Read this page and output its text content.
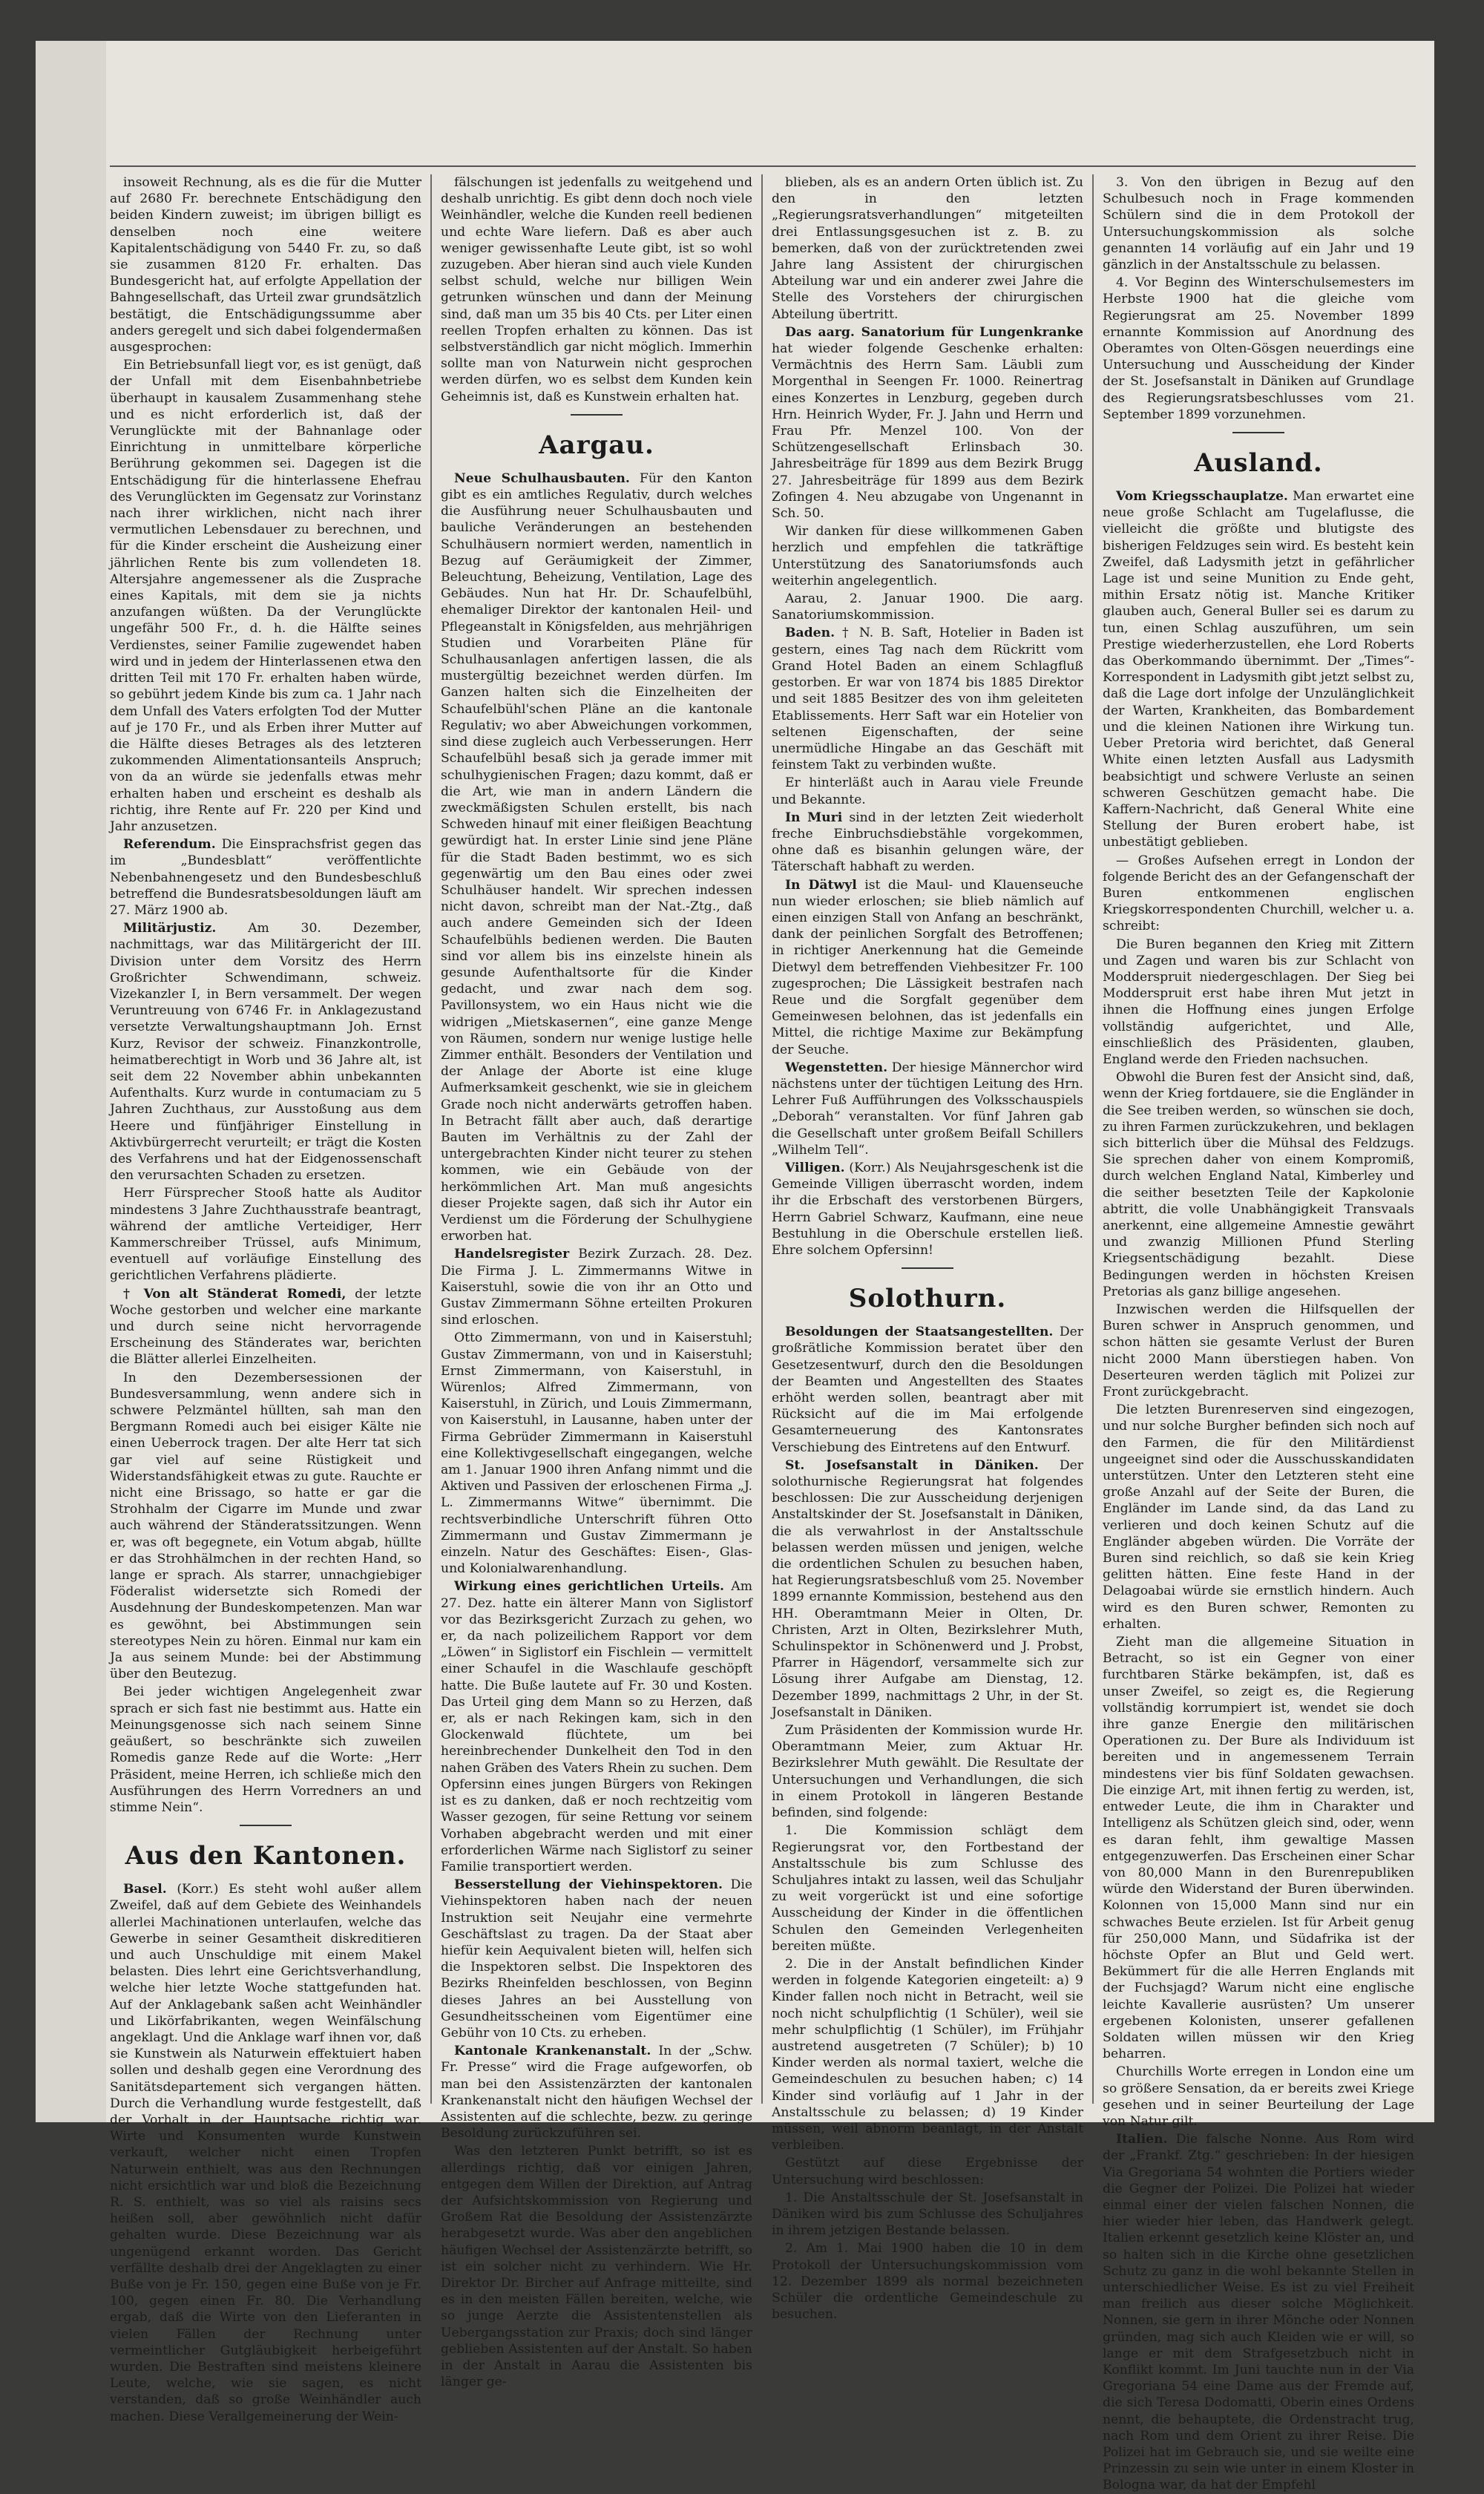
insoweit Rechnung, als es die für die Mutter auf 2680 Fr. berechnete Entschädigung den beiden Kindern zuweist; im übrigen billigt es denselben noch eine weitere Kapitalentschädigung von 5440 Fr. zu, so daß sie zusammen 8120 Fr. erhalten. Das Bundesgericht hat, auf erfolgte Appellation der Bahngesellschaft, das Urteil zwar grundsätzlich bestätigt, die Entschädigungssumme aber anders geregelt und sich dabei folgendermaßen ausgesprochen:

Ein Betriebsunfall liegt vor, es ist genügt, daß der Unfall mit dem Eisenbahnbetriebe überhaupt in kausalem Zusammenhang stehe und es nicht erforderlich ist, daß der Verunglückte mit der Bahnanlage oder Einrichtung in unmittelbare körperliche Berührung gekommen sei. Dagegen ist die Entschädigung für die hinterlassene Ehefrau des Verunglückten im Gegensatz zur Vorinstanz nach ihrer wirklichen, nicht nach ihrer vermutlichen Lebensdauer zu berechnen, und für die Kinder erscheint die Ausheizung einer jährlichen Rente bis zum vollendeten 18. Altersjahre angemessener als die Zusprache eines Kapitals, mit dem sie ja nichts anzufangen wüßten. Da der Verunglückte ungefähr 500 Fr., d. h. die Hälfte seines Verdienstes, seiner Familie zugewendet haben wird und in jedem der Hinterlassenen etwa den dritten Teil mit 170 Fr. erhalten haben würde, so gebührt jedem Kinde bis zum ca. 1 Jahr nach dem Unfall des Vaters erfolgten Tod der Mutter auf je 170 Fr., und als Erben ihrer Mutter auf die Hälfte dieses Betrages als des letzteren zukommenden Alimentationsanteils Anspruch; von da an würde sie jedenfalls etwas mehr erhalten haben und erscheint es deshalb als richtig, ihre Rente auf Fr. 220 per Kind und Jahr anzusetzen.

Referendum. Die Einsprachsfrist gegen das im „Bundesblatt“ veröffentlichte Nebenbahnengesetz und den Bundesbeschluß betreffend die Bundesratsbesoldungen läuft am 27. März 1900 ab.

Militärjustiz. Am 30. Dezember, nachmittags, war das Militärgericht der III. Division unter dem Vorsitz des Herrn Großrichter Schwendimann, schweiz. Vizekanzler I, in Bern versammelt. Der wegen Veruntreuung von 6746 Fr. in Anklagezustand versetzte Verwaltungshauptmann Joh. Ernst Kurz, Revisor der schweiz. Finanzkontrolle, heimatberechtigt in Worb und 36 Jahre alt, ist seit dem 22 November abhin unbekannten Aufenthalts. Kurz wurde in contumaciam zu 5 Jahren Zuchthaus, zur Ausstoßung aus dem Heere und fünfjähriger Einstellung in Aktivbürgerrecht verurteilt; er trägt die Kosten des Verfahrens und hat der Eidgenossenschaft den verursachten Schaden zu ersetzen.

Herr Fürsprecher Stooß hatte als Auditor mindestens 3 Jahre Zuchthausstrafe beantragt, während der amtliche Verteidiger, Herr Kammerschreiber Trüssel, aufs Minimum, eventuell auf vorläufige Einstellung des gerichtlichen Verfahrens plädierte.

† Von alt Ständerat Romedi, der letzte Woche gestorben und welcher eine markante und durch seine nicht hervorragende Erscheinung des Ständerates war, berichten die Blätter allerlei Einzelheiten.

In den Dezembersessionen der Bundesversammlung, wenn andere sich in schwere Pelzmäntel hüllten, sah man den Bergmann Romedi auch bei eisiger Kälte nie einen Ueberrock tragen. Der alte Herr tat sich gar viel auf seine Rüstigkeit und Widerstandsfähigkeit etwas zu gute. Rauchte er nicht eine Brissago, so hatte er gar die Strohhalm der Cigarre im Munde und zwar auch während der Ständeratssitzungen. Wenn er, was oft begegnete, ein Votum abgab, hüllte er das Strohhälmchen in der rechten Hand, so lange er sprach. Als starrer, unnachgiebiger Föderalist widersetzte sich Romedi der Ausdehnung der Bundeskompetenzen. Man war es gewöhnt, bei Abstimmungen sein stereotypes Nein zu hören. Einmal nur kam ein Ja aus seinem Munde: bei der Abstimmung über den Beutezug.

Bei jeder wichtigen Angelegenheit zwar sprach er sich fast nie bestimmt aus. Hatte ein Meinungsgenosse sich nach seinem Sinne geäußert, so beschränkte sich zuweilen Romedis ganze Rede auf die Worte: „Herr Präsident, meine Herren, ich schließe mich den Ausführungen des Herrn Vorredners an und stimme Nein“.

Aus den Kantonen.

Basel. (Korr.) Es steht wohl außer allem Zweifel, daß auf dem Gebiete des Weinhandels allerlei Machinationen unterlaufen, welche das Gewerbe in seiner Gesamtheit diskreditieren und auch Unschuldige mit einem Makel belasten. Dies lehrt eine Gerichtsverhandlung, welche hier letzte Woche stattgefunden hat. Auf der Anklagebank saßen acht Weinhändler und Likörfabrikanten, wegen Weinfälschung angeklagt. Und die Anklage warf ihnen vor, daß sie Kunstwein als Naturwein effektuiert haben sollen und deshalb gegen eine Verordnung des Sanitätsdepartement sich vergangen hätten. Durch die Verhandlung wurde festgestellt, daß der Vorhalt in der Hauptsache richtig war. Wirte und Konsumenten wurde Kunstwein verkauft, welcher nicht einen Tropfen Naturwein enthielt, was aus den Rechnungen nicht ersichtlich war und bloß die Bezeichnung R. S. enthielt, was so viel als raisins secs heißen soll, aber gewöhnlich nicht dafür gehalten wurde. Diese Bezeichnung war als ungenügend erkannt worden. Das Gericht verfällte deshalb drei der Angeklagten zu einer Buße von je Fr. 150, gegen eine Buße von je Fr. 100, gegen einen Fr. 80. Die Verhandlung ergab, daß die Wirte von den Lieferanten in vielen Fällen der Rechnung unter vermeintlicher Gutgläubigkeit herbeigeführt wurden. Die Bestraften sind meistens kleinere Leute, welche, wie sie sagen, es nicht verstanden, daß so große Weinhändler auch machen. Diese Verallgemeinerung der Wein-

fälschungen ist jedenfalls zu weitgehend und deshalb unrichtig. Es gibt denn doch noch viele Weinhändler, welche die Kunden reell bedienen und echte Ware liefern. Daß es aber auch weniger gewissenhafte Leute gibt, ist so wohl zuzugeben. Aber hieran sind auch viele Kunden selbst schuld, welche nur billigen Wein getrunken wünschen und dann der Meinung sind, daß man um 35 bis 40 Cts. per Liter einen reellen Tropfen erhalten zu können. Das ist selbstverständlich gar nicht möglich. Immerhin sollte man von Naturwein nicht gesprochen werden dürfen, wo es selbst dem Kunden kein Geheimnis ist, daß es Kunstwein erhalten hat.

Aargau.

Neue Schulhausbauten. Für den Kanton gibt es ein amtliches Regulativ, durch welches die Ausführung neuer Schulhausbauten und bauliche Veränderungen an bestehenden Schulhäusern normiert werden, namentlich in Bezug auf Geräumigkeit der Zimmer, Beleuchtung, Beheizung, Ventilation, Lage des Gebäudes. Nun hat Hr. Dr. Schaufelbühl, ehemaliger Direktor der kantonalen Heil- und Pflegeanstalt in Königsfelden, aus mehrjährigen Studien und Vorarbeiten Pläne für Schulhausanlagen anfertigen lassen, die als mustergültig bezeichnet werden dürfen. Im Ganzen halten sich die Einzelheiten der Schaufelbühl'schen Pläne an die kantonale Regulativ; wo aber Abweichungen vorkommen, sind diese zugleich auch Verbesserungen. Herr Schaufelbühl besaß sich ja gerade immer mit schulhygienischen Fragen; dazu kommt, daß er die Art, wie man in andern Ländern die zweckmäßigsten Schulen erstellt, bis nach Schweden hinauf mit einer fleißigen Beachtung gewürdigt hat. In erster Linie sind jene Pläne für die Stadt Baden bestimmt, wo es sich gegenwärtig um den Bau eines oder zwei Schulhäuser handelt. Wir sprechen indessen nicht davon, schreibt man der Nat.-Ztg., daß auch andere Gemeinden sich der Ideen Schaufelbühls bedienen werden. Die Bauten sind vor allem bis ins einzelste hinein als gesunde Aufenthaltsorte für die Kinder gedacht, und zwar nach dem sog. Pavillonsystem, wo ein Haus nicht wie die widrigen „Mietskasernen“, eine ganze Menge von Räumen, sondern nur wenige lustige helle Zimmer enthält. Besonders der Ventilation und der Anlage der Aborte ist eine kluge Aufmerksamkeit geschenkt, wie sie in gleichem Grade noch nicht anderwärts getroffen haben. In Betracht fällt aber auch, daß derartige Bauten im Verhältnis zu der Zahl der untergebrachten Kinder nicht teurer zu stehen kommen, wie ein Gebäude von der herkömmlichen Art. Man muß angesichts dieser Projekte sagen, daß sich ihr Autor ein Verdienst um die Förderung der Schulhygiene erworben hat.

Handelsregister Bezirk Zurzach. 28. Dez. Die Firma J. L. Zimmermanns Witwe in Kaiserstuhl, sowie die von ihr an Otto und Gustav Zimmermann Söhne erteilten Prokuren sind erloschen.

Otto Zimmermann, von und in Kaiserstuhl; Gustav Zimmermann, von und in Kaiserstuhl; Ernst Zimmermann, von Kaiserstuhl, in Würenlos; Alfred Zimmermann, von Kaiserstuhl, in Zürich, und Louis Zimmermann, von Kaiserstuhl, in Lausanne, haben unter der Firma Gebrüder Zimmermann in Kaiserstuhl eine Kollektivgesellschaft eingegangen, welche am 1. Januar 1900 ihren Anfang nimmt und die Aktiven und Passiven der erloschenen Firma „J. L. Zimmermanns Witwe“ übernimmt. Die rechtsverbindliche Unterschrift führen Otto Zimmermann und Gustav Zimmermann je einzeln. Natur des Geschäftes: Eisen-, Glas- und Kolonialwarenhandlung.

Wirkung eines gerichtlichen Urteils. Am 27. Dez. hatte ein älterer Mann von Siglistorf vor das Bezirksgericht Zurzach zu gehen, wo er, da nach polizeilichem Rapport vor dem „Löwen“ in Siglistorf ein Fischlein — vermittelt einer Schaufel in die Waschlaufe geschöpft hatte. Die Buße lautete auf Fr. 30 und Kosten. Das Urteil ging dem Mann so zu Herzen, daß er, als er nach Rekingen kam, sich in den Glockenwald flüchtete, um bei hereinbrechender Dunkelheit den Tod in den nahen Gräben des Vaters Rhein zu suchen. Dem Opfersinn eines jungen Bürgers von Rekingen ist es zu danken, daß er noch rechtzeitig vom Wasser gezogen, für seine Rettung vor seinem Vorhaben abgebracht werden und mit einer erforderlichen Wärme nach Siglistorf zu seiner Familie transportiert werden.

Besserstellung der Viehinspektoren. Die Viehinspektoren haben nach der neuen Instruktion seit Neujahr eine vermehrte Geschäftslast zu tragen. Da der Staat aber hiefür kein Aequivalent bieten will, helfen sich die Inspektoren selbst. Die Inspektoren des Bezirks Rheinfelden beschlossen, von Beginn dieses Jahres an bei Ausstellung von Gesundheitsscheinen vom Eigentümer eine Gebühr von 10 Cts. zu erheben.

Kantonale Krankenanstalt. In der „Schw. Fr. Presse“ wird die Frage aufgeworfen, ob man bei den Assistenzärzten der kantonalen Krankenanstalt nicht den häufigen Wechsel der Assistenten auf die schlechte, bezw. zu geringe Besoldung zurückzuführen sei.

Was den letzteren Punkt betrifft, so ist es allerdings richtig, daß vor einigen Jahren, entgegen dem Willen der Direktion, auf Antrag der Aufsichtskommission von Regierung und Großem Rat die Besoldung der Assistenzärzte herabgesetzt wurde. Was aber den angeblichen häufigen Wechsel der Assistenzärzte betrifft, so ist ein solcher nicht zu verhindern. Wie Hr. Direktor Dr. Bircher auf Anfrage mitteilte, sind es in den meisten Fällen bereiten, welche, wie so junge Aerzte die Assistentenstellen als Uebergangsstation zur Praxis; doch sind länger geblieben Assistenten auf der Anstalt. So haben in der Anstalt in Aarau die Assistenten bis länger ge-

blieben, als es an andern Orten üblich ist. Zu den in den letzten „Regierungsratsverhandlungen“ mitgeteilten drei Entlassungsgesuchen ist z. B. zu bemerken, daß von der zurücktretenden zwei Jahre lang Assistent der chirurgischen Abteilung war und ein anderer zwei Jahre die Stelle des Vorstehers der chirurgischen Abteilung übertritt.

Das aarg. Sanatorium für Lungenkranke hat wieder folgende Geschenke erhalten: Vermächtnis des Herrn Sam. Läubli zum Morgenthal in Seengen Fr. 1000. Reinertrag eines Konzertes in Lenzburg, gegeben durch Hrn. Heinrich Wyder, Fr. J. Jahn und Herrn und Frau Pfr. Menzel 100. Von der Schützengesellschaft Erlinsbach 30. Jahresbeiträge für 1899 aus dem Bezirk Brugg 27. Jahresbeiträge für 1899 aus dem Bezirk Zofingen 4. Neu abzugabe von Ungenannt in Sch. 50.

Wir danken für diese willkommenen Gaben herzlich und empfehlen die tatkräftige Unterstützung des Sanatoriumsfonds auch weiterhin angelegentlich.

Aarau, 2. Januar 1900. Die aarg. Sanatoriumskommission.

Baden. † N. B. Saft, Hotelier in Baden ist gestern, eines Tag nach dem Rückritt vom Grand Hotel Baden an einem Schlagfluß gestorben. Er war von 1874 bis 1885 Direktor und seit 1885 Besitzer des von ihm geleiteten Etablissements. Herr Saft war ein Hotelier von seltenen Eigenschaften, der seine unermüdliche Hingabe an das Geschäft mit feinstem Takt zu verbinden wußte.

Er hinterläßt auch in Aarau viele Freunde und Bekannte.

In Muri sind in der letzten Zeit wiederholt freche Einbruchsdiebstähle vorgekommen, ohne daß es bisanhin gelungen wäre, der Täterschaft habhaft zu werden.

In Dätwyl ist die Maul- und Klauenseuche nun wieder erloschen; sie blieb nämlich auf einen einzigen Stall von Anfang an beschränkt, dank der peinlichen Sorgfalt des Betroffenen; in richtiger Anerkennung hat die Gemeinde Dietwyl dem betreffenden Viehbesitzer Fr. 100 zugesprochen; Die Lässigkeit bestrafen nach Reue und die Sorgfalt gegenüber dem Gemeinwesen belohnen, das ist jedenfalls ein Mittel, die richtige Maxime zur Bekämpfung der Seuche.

Wegenstetten. Der hiesige Männerchor wird nächstens unter der tüchtigen Leitung des Hrn. Lehrer Fuß Aufführungen des Volksschauspiels „Deborah“ veranstalten. Vor fünf Jahren gab die Gesellschaft unter großem Beifall Schillers „Wilhelm Tell“.

Villigen. (Korr.) Als Neujahrsgeschenk ist die Gemeinde Villigen überrascht worden, indem ihr die Erbschaft des verstorbenen Bürgers, Herrn Gabriel Schwarz, Kaufmann, eine neue Bestuhlung in die Oberschule erstellen ließ. Ehre solchem Opfersinn!

Solothurn.

Besoldungen der Staatsangestellten. Der großrätliche Kommission beratet über den Gesetzesentwurf, durch den die Besoldungen der Beamten und Angestellten des Staates erhöht werden sollen, beantragt aber mit Rücksicht auf die im Mai erfolgende Gesamterneuerung des Kantonsrates Verschiebung des Eintretens auf den Entwurf.

St. Josefsanstalt in Däniken. Der solothurnische Regierungsrat hat folgendes beschlossen: Die zur Ausscheidung derjenigen Anstaltskinder der St. Josefsanstalt in Däniken, die als verwahrlost in der Anstaltsschule belassen werden müssen und jenigen, welche die ordentlichen Schulen zu besuchen haben, hat Regierungsratsbeschluß vom 25. November 1899 ernannte Kommission, bestehend aus den HH. Oberamtmann Meier in Olten, Dr. Christen, Arzt in Olten, Bezirkslehrer Muth, Schulinspektor in Schönenwerd und J. Probst, Pfarrer in Hägendorf, versammelte sich zur Lösung ihrer Aufgabe am Dienstag, 12. Dezember 1899, nachmittags 2 Uhr, in der St. Josefsanstalt in Däniken.

Zum Präsidenten der Kommission wurde Hr. Oberamtmann Meier, zum Aktuar Hr. Bezirkslehrer Muth gewählt. Die Resultate der Untersuchungen und Verhandlungen, die sich in einem Protokoll in längeren Bestande befinden, sind folgende:

1. Die Kommission schlägt dem Regierungsrat vor, den Fortbestand der Anstaltsschule bis zum Schlusse des Schuljahres intakt zu lassen, weil das Schuljahr zu weit vorgerückt ist und eine sofortige Ausscheidung der Kinder in die öffentlichen Schulen den Gemeinden Verlegenheiten bereiten müßte.

2. Die in der Anstalt befindlichen Kinder werden in folgende Kategorien eingeteilt: a) 9 Kinder fallen noch nicht in Betracht, weil sie noch nicht schulpflichtig (1 Schüler), weil sie mehr schulpflichtig (1 Schüler), im Frühjahr austretend ausgetreten (7 Schüler); b) 10 Kinder werden als normal taxiert, welche die Gemeindeschulen zu besuchen haben; c) 14 Kinder sind vorläufig auf 1 Jahr in der Anstaltsschule zu belassen; d) 19 Kinder müssen, weil abnorm beanlagt, in der Anstalt verbleiben.

Gestützt auf diese Ergebnisse der Untersuchung wird beschlossen:

1. Die Anstaltsschule der St. Josefsanstalt in Däniken wird bis zum Schlusse des Schuljahres in ihrem jetzigen Bestande belassen.

2. Am 1. Mai 1900 haben die 10 in dem Protokoll der Untersuchungskommission vom 12. Dezember 1899 als normal bezeichneten Schüler die ordentliche Gemeindeschule zu besuchen.

3. Von den übrigen in Bezug auf den Schulbesuch noch in Frage kommenden Schülern sind die in dem Protokoll der Untersuchungskommission als solche genannten 14 vorläufig auf ein Jahr und 19 gänzlich in der Anstaltsschule zu belassen.

4. Vor Beginn des Winterschulsemesters im Herbste 1900 hat die gleiche vom Regierungsrat am 25. November 1899 ernannte Kommission auf Anordnung des Oberamtes von Olten-Gösgen neuerdings eine Untersuchung und Ausscheidung der Kinder der St. Josefsanstalt in Däniken auf Grundlage des Regierungsratsbeschlusses vom 21. September 1899 vorzunehmen.

Ausland.

Vom Kriegsschauplatze. Man erwartet eine neue große Schlacht am Tugelaflusse, die vielleicht die größte und blutigste des bisherigen Feldzuges sein wird. Es besteht kein Zweifel, daß Ladysmith jetzt in gefährlicher Lage ist und seine Munition zu Ende geht, mithin Ersatz nötig ist. Manche Kritiker glauben auch, General Buller sei es darum zu tun, einen Schlag auszuführen, um sein Prestige wiederherzustellen, ehe Lord Roberts das Oberkommando übernimmt. Der „Times“-Korrespondent in Ladysmith gibt jetzt selbst zu, daß die Lage dort infolge der Unzulänglichkeit der Warten, Krankheiten, das Bombardement und die kleinen Nationen ihre Wirkung tun. Ueber Pretoria wird berichtet, daß General White einen letzten Ausfall aus Ladysmith beabsichtigt und schwere Verluste an seinen schweren Geschützen gemacht habe. Die Kaffern-Nachricht, daß General White eine Stellung der Buren erobert habe, ist unbestätigt geblieben.

— Großes Aufsehen erregt in London der folgende Bericht des an der Gefangenschaft der Buren entkommenen englischen Kriegskorrespondenten Churchill, welcher u. a. schreibt:

Die Buren begannen den Krieg mit Zittern und Zagen und waren bis zur Schlacht von Modderspruit niedergeschlagen. Der Sieg bei Modderspruit erst habe ihren Mut jetzt in ihnen die Hoffnung eines jungen Erfolge vollständig aufgerichtet, und Alle, einschließlich des Präsidenten, glauben, England werde den Frieden nachsuchen.

Obwohl die Buren fest der Ansicht sind, daß, wenn der Krieg fortdauere, sie die Engländer in die See treiben werden, so wünschen sie doch, zu ihren Farmen zurückzukehren, und beklagen sich bitterlich über die Mühsal des Feldzugs. Sie sprechen daher von einem Kompromiß, durch welchen England Natal, Kimberley und die seither besetzten Teile der Kapkolonie abtritt, die volle Unabhängigkeit Transvaals anerkennt, eine allgemeine Amnestie gewährt und zwanzig Millionen Pfund Sterling Kriegsentschädigung bezahlt. Diese Bedingungen werden in höchsten Kreisen Pretorias als ganz billige angesehen.

Inzwischen werden die Hilfsquellen der Buren schwer in Anspruch genommen, und schon hätten sie gesamte Verlust der Buren nicht 2000 Mann überstiegen haben. Von Deserteuren werden täglich mit Polizei zur Front zurückgebracht.

Die letzten Burenreserven sind eingezogen, und nur solche Burgher befinden sich noch auf den Farmen, die für den Militärdienst ungeeignet sind oder die Ausschusskandidaten unterstützen. Unter den Letzteren steht eine große Anzahl auf der Seite der Buren, die Engländer im Lande sind, da das Land zu verlieren und doch keinen Schutz auf die Engländer abgeben würden. Die Vorräte der Buren sind reichlich, so daß sie kein Krieg gelitten hätten. Eine feste Hand in der Delagoabai würde sie ernstlich hindern. Auch wird es den Buren schwer, Remonten zu erhalten.

Zieht man die allgemeine Situation in Betracht, so ist ein Gegner von einer furchtbaren Stärke bekämpfen, ist, daß es unser Zweifel, so zeigt es, die Regierung vollständig korrumpiert ist, wendet sie doch ihre ganze Energie den militärischen Operationen zu. Der Bure als Individuum ist bereiten und in angemessenem Terrain mindestens vier bis fünf Soldaten gewachsen. Die einzige Art, mit ihnen fertig zu werden, ist, entweder Leute, die ihm in Charakter und Intelligenz als Schützen gleich sind, oder, wenn es daran fehlt, ihm gewaltige Massen entgegenzuwerfen. Das Erscheinen einer Schar von 80,000 Mann in den Burenrepubliken würde den Widerstand der Buren überwinden. Kolonnen von 15,000 Mann sind nur ein schwaches Beute erzielen. Ist für Arbeit genug für 250,000 Mann, und Südafrika ist der höchste Opfer an Blut und Geld wert. Bekümmert für die alle Herren Englands mit der Fuchsjagd? Warum nicht eine englische leichte Kavallerie ausrüsten? Um unserer ergebenen Kolonisten, unserer gefallenen Soldaten willen müssen wir den Krieg beharren.

Churchills Worte erregen in London eine um so größere Sensation, da er bereits zwei Kriege gesehen und in seiner Beurteilung der Lage von Natur gilt.

Italien. Die falsche Nonne. Aus Rom wird der „Frankf. Ztg.“ geschrieben: In der hiesigen Via Gregoriana 54 wohnten die Portiers wieder die Gegner der Polizei. Die Polizei hat wieder einmal einer der vielen falschen Nonnen, die hier wieder hier leben, das Handwerk gelegt. Italien erkennt gesetzlich keine Klöster an, und so halten sich in die Kirche ohne gesetzlichen Schutz zu ganz in die wohl bekannte Stellen in unterschiedlicher Weise. Es ist zu viel Freiheit man freilich aus dieser solche Möglichkeit. Nonnen, sie gern in ihrer Mönche oder Nonnen gründen, mag sich auch Kleiden wie er will, so lange er mit dem Strafgesetzbuch nicht in Konflikt kommt. Im Juni tauchte nun in der Via Gregoriana 54 eine Dame aus der Fremde auf, die sich Teresa Dodomatti, Oberin eines Ordens nennt, die behauptete, die Ordenstracht trug, nach Rom und dem Orient zu ihrer Reise. Die Polizei hat im Gebrauch sie, und sie weilte eine Prinzessin zu sein wie unter in einem Kloster in Bologna war, da hat der Empfehl
